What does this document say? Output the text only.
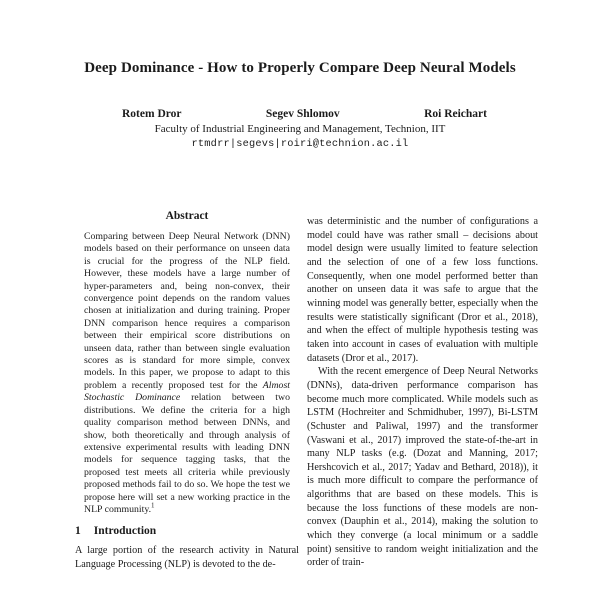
Deep Dominance - How to Properly Compare Deep Neural Models
Rotem Dror	Segev Shlomov	Roi Reichart
Faculty of Industrial Engineering and Management, Technion, IIT
rtmdrr|segevs|roiri@technion.ac.il
Abstract

Comparing between Deep Neural Network (DNN) models based on their performance on unseen data is crucial for the progress of the NLP field. However, these models have a large number of hyper-parameters and, being non-convex, their convergence point depends on the random values chosen at initialization and during training. Proper DNN comparison hence requires a comparison between their empirical score distributions on unseen data, rather than between single evaluation scores as is standard for more simple, convex models. In this paper, we propose to adapt to this problem a recently proposed test for the Almost Stochastic Dominance relation between two distributions. We define the criteria for a high quality comparison method between DNNs, and show, both theoretically and through analysis of extensive experimental results with leading DNN models for sequence tagging tasks, that the proposed test meets all criteria while previously proposed methods fail to do so. We hope the test we propose here will set a new working practice in the NLP community.$^1$

1 Introduction

A large portion of the research activity in Natural Language Processing (NLP) is devoted to the de-

was deterministic and the number of configurations a model could have was rather small – decisions about model design were usually limited to feature selection and the selection of one of a few loss functions. Consequently, when one model performed better than another on unseen data it was safe to argue that the winning model was generally better, especially when the results were statistically significant (Dror et al., 2018), and when the effect of multiple hypothesis testing was taken into account in cases of evaluation with multiple datasets (Dror et al., 2017).

With the recent emergence of Deep Neural Networks (DNNs), data-driven performance comparison has become much more complicated. While models such as LSTM (Hochreiter and Schmidhuber, 1997), Bi-LSTM (Schuster and Paliwal, 1997) and the transformer (Vaswani et al., 2017) improved the state-of-the-art in many NLP tasks (e.g. (Dozat and Manning, 2017; Hershcovich et al., 2017; Yadav and Bethard, 2018)), it is much more difficult to compare the performance of algorithms that are based on these models. This is because the loss functions of these models are non-convex (Dauphin et al., 2014), making the solution to which they converge (a local minimum or a saddle point) sensitive to random weight initialization and the order of train-
